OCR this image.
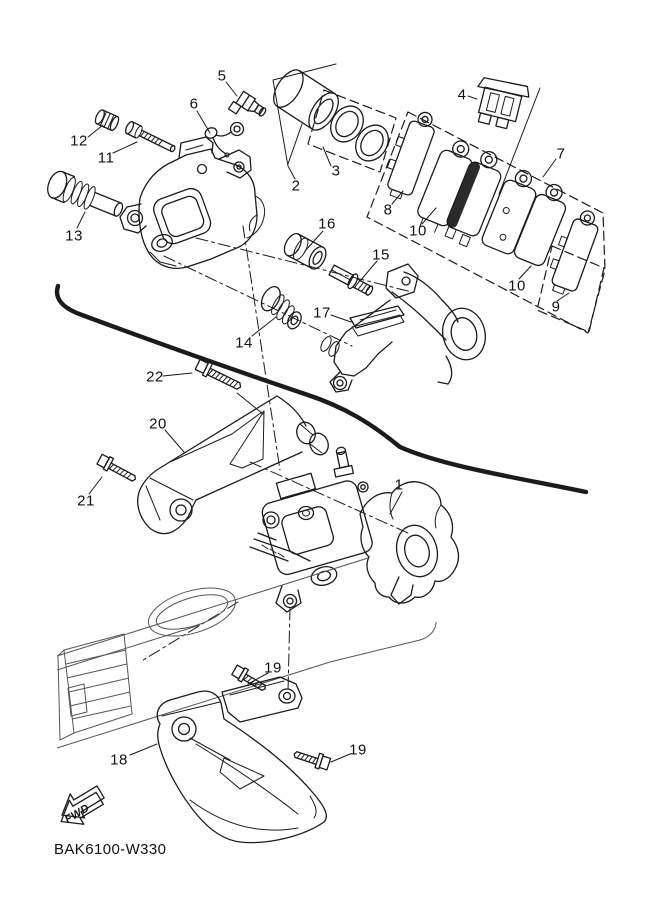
1
2
3
4
5
6
7
8
9
10
10
11
12
13
14
15
16
17
18
19
19
20
21
22
FWD
BAK6100-W330
